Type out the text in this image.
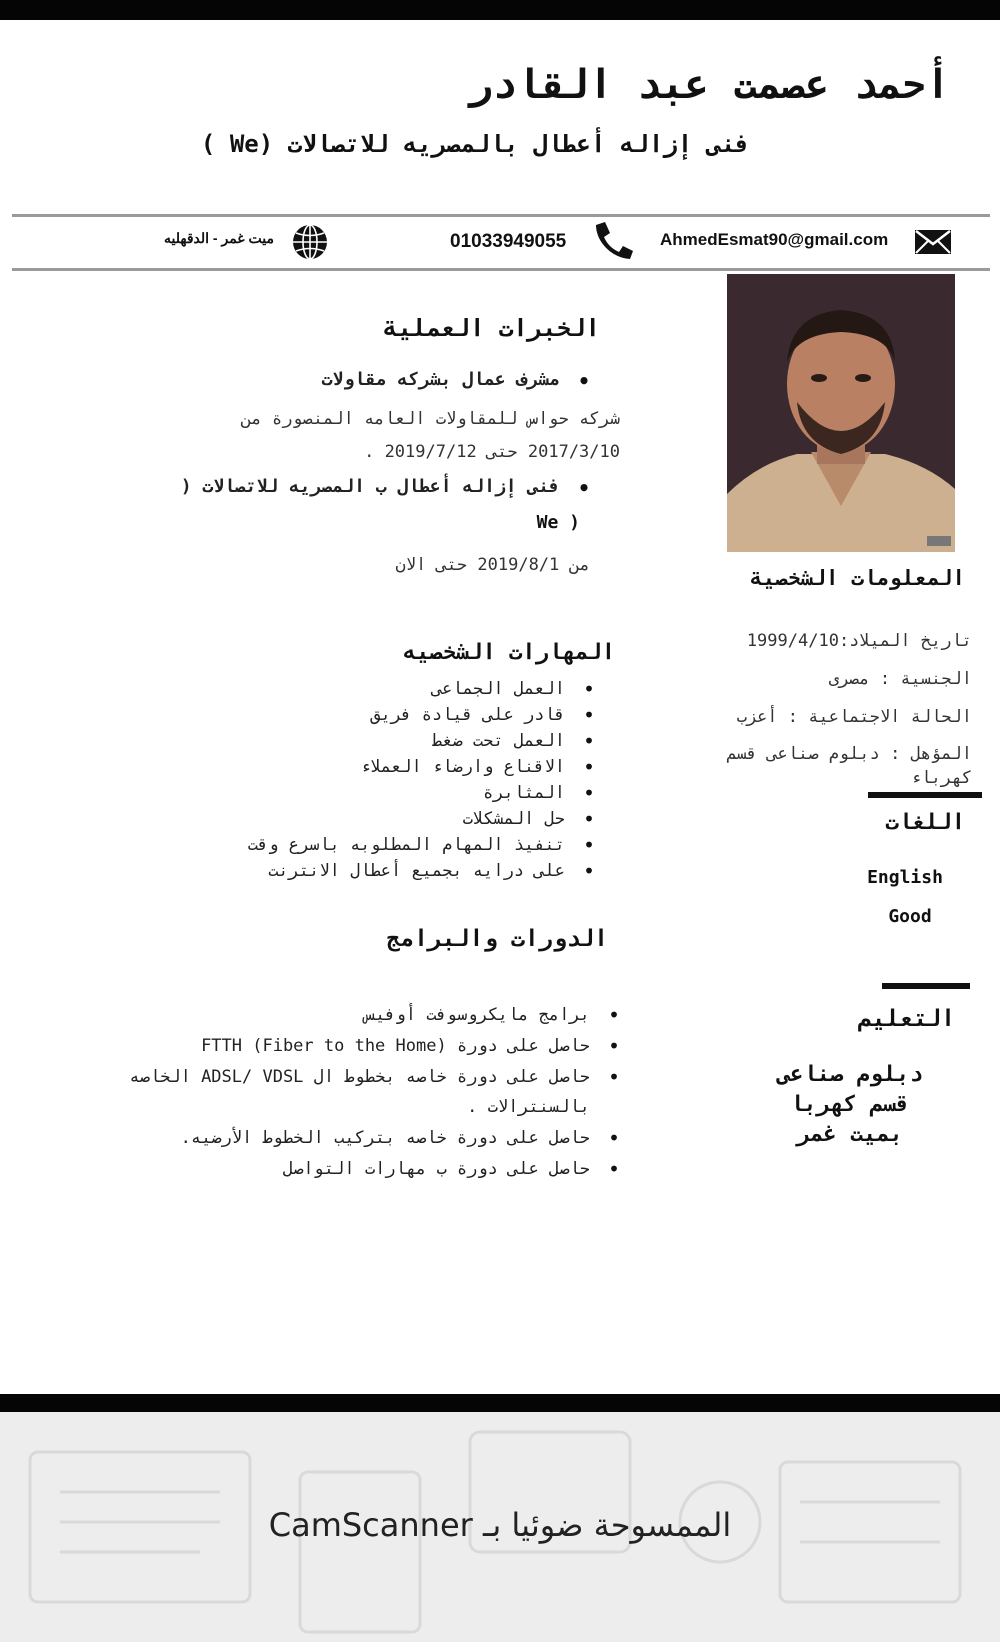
أحمد عصمت عبد القادر
فنى إزاله أعطال بالمصريه للاتصالات (We )
AhmedEsmat90@gmail.com
01033949055
ميت غمر - الدقهليه
الخبرات العملية
• مشرف عمال بشركه مقاولات
شركه حواس للمقاولات العامه المنصورة من
2017/3/10 حتى 2019/7/12 .
• فنى إزاله أعطال ب المصريه للاتصالات (
We )
من 2019/8/1 حتى الان
المهارات الشخصيه
• العمل الجماعى
• قادر على قيادة فريق
• العمل تحت ضغط
• الاقناع وارضاء العملاء
• المثابرة
• حل المشكلات
• تنفيذ المهام المطلوبه باسرع وقت
• على درايه بجميع أعطال الانترنت
الدورات والبرامج
• برامج مايكروسوفت أوفيس
• حاصل على دورة FTTH (Fiber to the Home)
• حاصل على دورة خاصه بخطوط ال ADSL/ VDSL الخاصه بالسنترالات .
• حاصل على دورة خاصه بتركيب الخطوط الأرضيه.
• حاصل على دورة ب مهارات التواصل
المعلومات الشخصية
تاريخ الميلاد:1999/4/10
الجنسية : مصرى
الحالة الاجتماعية : أعزب
المؤهل : دبلوم صناعى قسم كهرباء
اللغات
English
Good
التعليم
دبلوم صناعى
قسم كهربا
بميت غمر
الممسوحة ضوئيا بـ CamScanner
